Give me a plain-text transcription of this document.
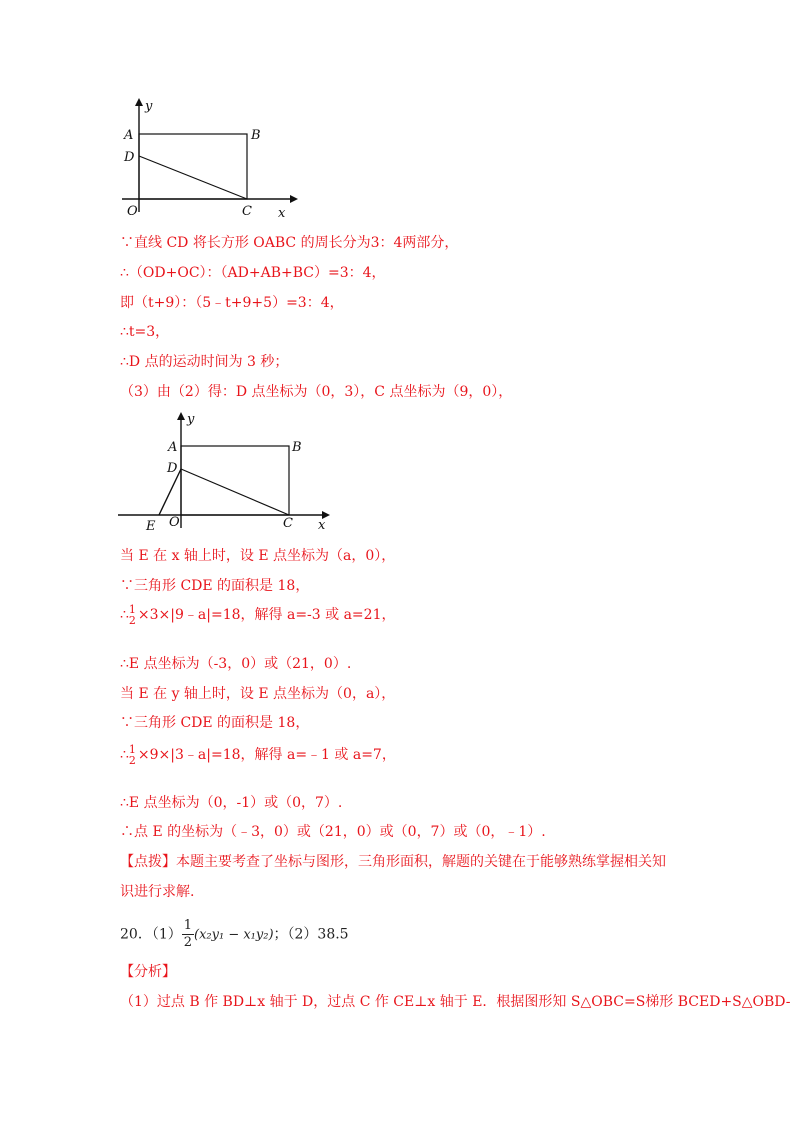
y
A	B
D
O	C x
y
A	B
D
E O	C x
∵直线 CD 将长方形 OABC 的周长分为3：4两部分，
∴（OD+OC）：（AD+AB+BC）=3：4，
即（t+9）：（5﹣t+9+5）=3：4，
∴t=3，
∴D 点的运动时间为 3 秒；
（3）由（2）得：D 点坐标为（0，3），C 点坐标为（9，0），
当 E 在 x 轴上时，设 E 点坐标为（a，0），
∵三角形 CDE 的面积是 18，
∴ 1
2 ×3×|9﹣a|=18，解得 a=-3 或 a=21，
∴E 点坐标为（-3，0）或（21，0）.
当 E 在 y 轴上时，设 E 点坐标为（0，a），
∵三角形 CDE 的面积是 18，
∴ 1
2 ×9×|3﹣a|=18，解得 a=﹣1 或 a=7，
∴E 点坐标为（0，-1）或（0，7）.
∴点 E 的坐标为（﹣3，0）或（21，0）或（0，7）或（0，﹣1）.
【点拨】本题主要考查了坐标与图形，三角形面积，解题的关键在于能够熟练掌握相关知
识进行求解.
20．$(1) \frac{1}{2} (x_2y_1 - x_1y_2)$；（2）38.5
【分析】
（1）过点 B 作 BD⊥x 轴于 D，过点 C 作 CE⊥x 轴于 E．根据图形知 S△OBC=S梯形 BCED+S△OBD-
